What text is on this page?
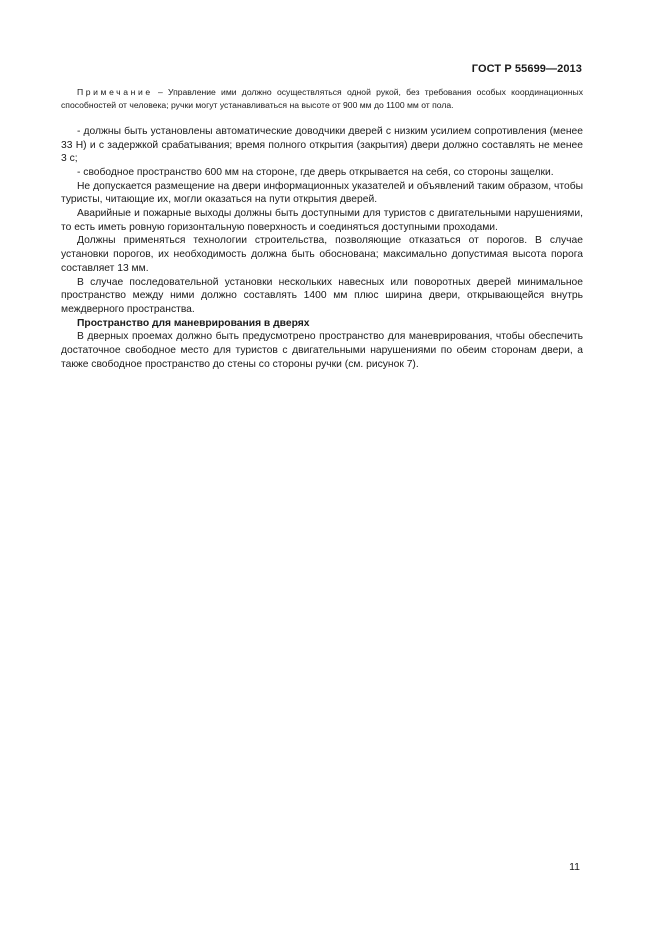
ГОСТ Р 55699—2013

Примечание – Управление ими должно осуществляться одной рукой, без требования особых координационных способностей от человека; ручки могут устанавливаться на высоте от 900 мм до 1100 мм от пола.

- должны быть установлены автоматические доводчики дверей с низким усилием сопротивления (менее 33 Н) и с задержкой срабатывания; время полного открытия (закрытия) двери должно составлять не менее 3 с;

- свободное пространство 600 мм на стороне, где дверь открывается на себя, со стороны защелки.

Не допускается размещение на двери информационных указателей и объявлений таким образом, чтобы туристы, читающие их, могли оказаться на пути открытия дверей.

Аварийные и пожарные выходы должны быть доступными для туристов с двигательными нарушениями, то есть иметь ровную горизонтальную поверхность и соединяться доступными проходами.

Должны применяться технологии строительства, позволяющие отказаться от порогов. В случае установки порогов, их необходимость должна быть обоснована; максимально допустимая высота порога составляет 13 мм.

В случае последовательной установки нескольких навесных или поворотных дверей минимальное пространство между ними должно составлять 1400 мм плюс ширина двери, открывающейся внутрь междверного пространства.

Пространство для маневрирования в дверях

В дверных проемах должно быть предусмотрено пространство для маневрирования, чтобы обеспечить достаточное свободное место для туристов с двигательными нарушениями по обеим сторонам двери, а также свободное пространство до стены со стороны ручки (см. рисунок 7).

11
